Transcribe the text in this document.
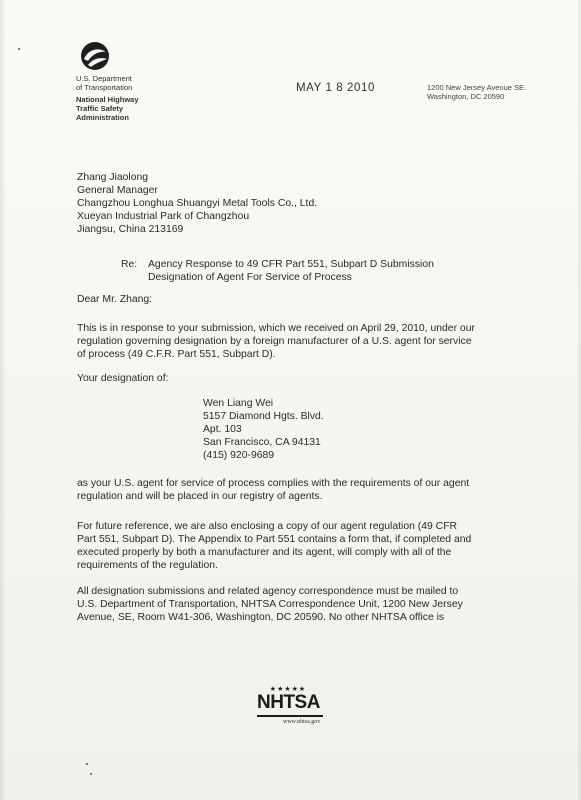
U.S. Department
of Transportation
National Highway
Traffic Safety
Administration
MAY 1 8 2010	1200 New Jersey Avenue SE.
Washington, DC 20590
Zhang Jiaolong
General Manager
Changzhou Longhua Shuangyi Metal Tools Co., Ltd.
Xueyan Industrial Park of Changzhou
Jiangsu, China 213169
Re: Agency Response to 49 CFR Part 551, Subpart D Submission
Designation of Agent For Service of Process
Dear Mr. Zhang:
This is in response to your submission, which we received on April 29, 2010, under our
regulation governing designation by a foreign manufacturer of a U.S. agent for service
of process (49 C.F.R. Part 551, Subpart D).
Your designation of:
Wen Liang Wei
5157 Diamond Hgts. Blvd.
Apt. 103
San Francisco, CA 94131
(415) 920-9689
as your U.S. agent for service of process complies with the requirements of our agent
regulation and will be placed in our registry of agents.
For future reference, we are also enclosing a copy of our agent regulation (49 CFR
Part 551, Subpart D). The Appendix to Part 551 contains a form that, if completed and
executed properly by both a manufacturer and its agent, will comply with all of the
requirements of the regulation.
All designation submissions and related agency correspondence must be mailed to
U.S. Department of Transportation, NHTSA Correspondence Unit, 1200 New Jersey
Avenue, SE, Room W41-306, Washington, DC 20590. No other NHTSA office is
★★★★★
NHTSA
www.nhtsa.gov
